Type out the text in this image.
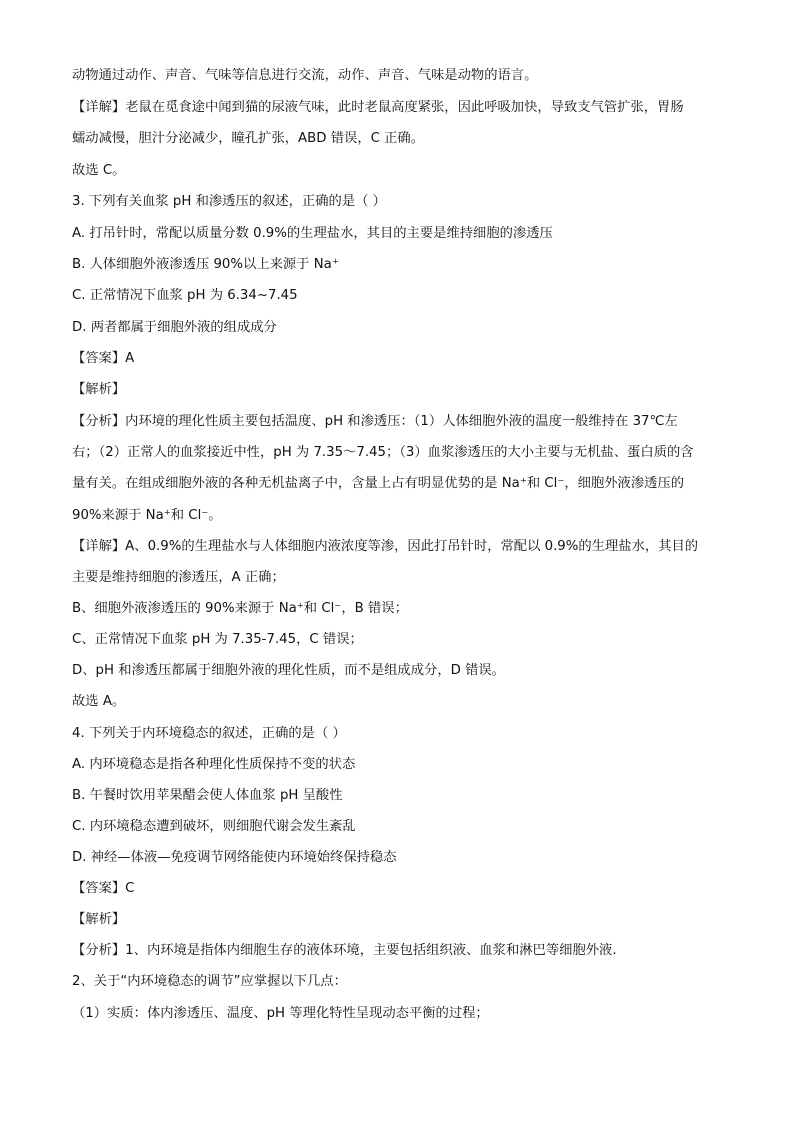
动物通过动作、声音、气味等信息进行交流，动作、声音、气味是动物的语言。
【详解】老鼠在觅食途中闻到猫的尿液气味，此时老鼠高度紧张，因此呼吸加快，导致支气管扩张，胃肠
蠕动减慢，胆汁分泌减少，瞳孔扩张，ABD 错误，C 正确。
故选 C。
3. 下列有关血浆 pH 和渗透压的叙述，正确的是（ ）
A. 打吊针时，常配以质量分数 0.9%的生理盐水，其目的主要是维持细胞的渗透压
B. 人体细胞外液渗透压 90%以上来源于 Na⁺
C. 正常情况下血浆 pH 为 6.34~7.45
D. 两者都属于细胞外液的组成成分
【答案】A
【解析】
【分析】内环境的理化性质主要包括温度、pH 和渗透压：（1）人体细胞外液的温度一般维持在 37℃左
右；（2）正常人的血浆接近中性，pH 为 7.35～7.45；（3）血浆渗透压的大小主要与无机盐、蛋白质的含
量有关。在组成细胞外液的各种无机盐离子中，含量上占有明显优势的是 Na⁺和 Cl⁻，细胞外液渗透压的
90%来源于 Na⁺和 Cl⁻。
【详解】A、0.9%的生理盐水与人体细胞内液浓度等渗，因此打吊针时，常配以 0.9%的生理盐水，其目的
主要是维持细胞的渗透压，A 正确；
B、细胞外液渗透压的 90%来源于 Na⁺和 Cl⁻，B 错误；
C、正常情况下血浆 pH 为 7.35-7.45，C 错误；
D、pH 和渗透压都属于细胞外液的理化性质，而不是组成成分，D 错误。
故选 A。
4. 下列关于内环境稳态的叙述，正确的是（ ）
A. 内环境稳态是指各种理化性质保持不变的状态
B. 午餐时饮用苹果醋会使人体血浆 pH 呈酸性
C. 内环境稳态遭到破坏，则细胞代谢会发生紊乱
D. 神经—体液—免疫调节网络能使内环境始终保持稳态
【答案】C
【解析】
【分析】1、内环境是指体内细胞生存的液体环境，主要包括组织液、血浆和淋巴等细胞外液.
2、关于“内环境稳态的调节”应掌握以下几点：
（1）实质：体内渗透压、温度、pH 等理化特性呈现动态平衡的过程；
